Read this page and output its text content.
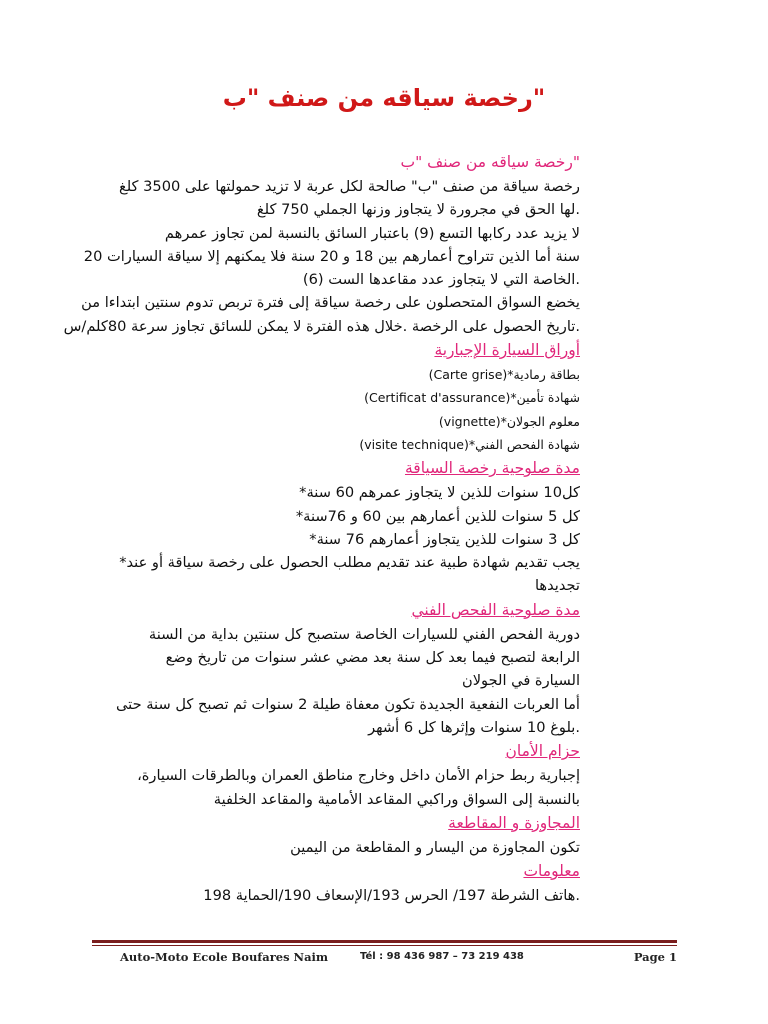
"رخصة سياقه من صنف "ب
"رخصة سياقه من صنف "ب
رخصة سياقة من صنف "ب" صالحة لكل عربة لا تزيد حمولتها على 3500 كلغ
.لها الحق في مجرورة لا يتجاوز وزنها الجملي 750 كلغ
لا يزيد عدد ركابها التسع (9) باعتبار السائق بالنسبة لمن تجاوز عمرهم
سنة أما الذين تتراوح أعمارهم بين 18 و 20 سنة فلا يمكنهم إلا سياقة السيارات 20
.الخاصة التي لا يتجاوز عدد مقاعدها الست (6)
يخضع السواق المتحصلون على رخصة سياقة إلى فترة تربص تدوم سنتين ابتداءا من
.تاريخ الحصول على الرخصة .خلال هذه الفترة لا يمكن للسائق تجاوز سرعة 80كلم/س
أوراق السيارة الإجبارية
بطاقة رمادية*(Carte grise)
شهادة تأمين*(Certificat d'assurance)
معلوم الجولان*(vignette)
شهادة الفحص الفني*(visite technique)
مدة صلوحية رخصة السياقة
كل10 سنوات للذين لا يتجاوز عمرهم 60 سنة*
كل 5 سنوات للذين أعمارهم بين 60 و 76سنة*
كل 3 سنوات للذين يتجاوز أعمارهم 76 سنة*
يجب تقديم شهادة طبية عند تقديم مطلب الحصول على رخصة سياقة أو عند*
تجديدها
مدة صلوحية الفحص الفني
دورية الفحص الفني للسيارات الخاصة ستصبح كل سنتين بداية من السنة
الرابعة لتصبح فيما بعد كل سنة بعد مضي عشر سنوات من تاريخ وضع
السيارة في الجولان
أما العربات النفعية الجديدة تكون معفاة طيلة 2 سنوات ثم تصبح كل سنة حتى
.بلوغ 10 سنوات وإثرها كل 6 أشهر
حزام الأمان
إجبارية ربط حزام الأمان داخل وخارج مناطق العمران وبالطرقات السيارة،
بالنسبة إلى السواق وراكبي المقاعد الأمامية والمقاعد الخلفية
المجاوزة و المقاطعة
تكون المجاوزة من اليسار و المقاطعة من اليمين
معلومات
.هاتف الشرطة 197/ الحرس 193/الإسعاف 190/الحماية 198
Auto-Moto Ecole Boufares Naim	Tél : 98 436 987 – 73 219 438	Page 1
